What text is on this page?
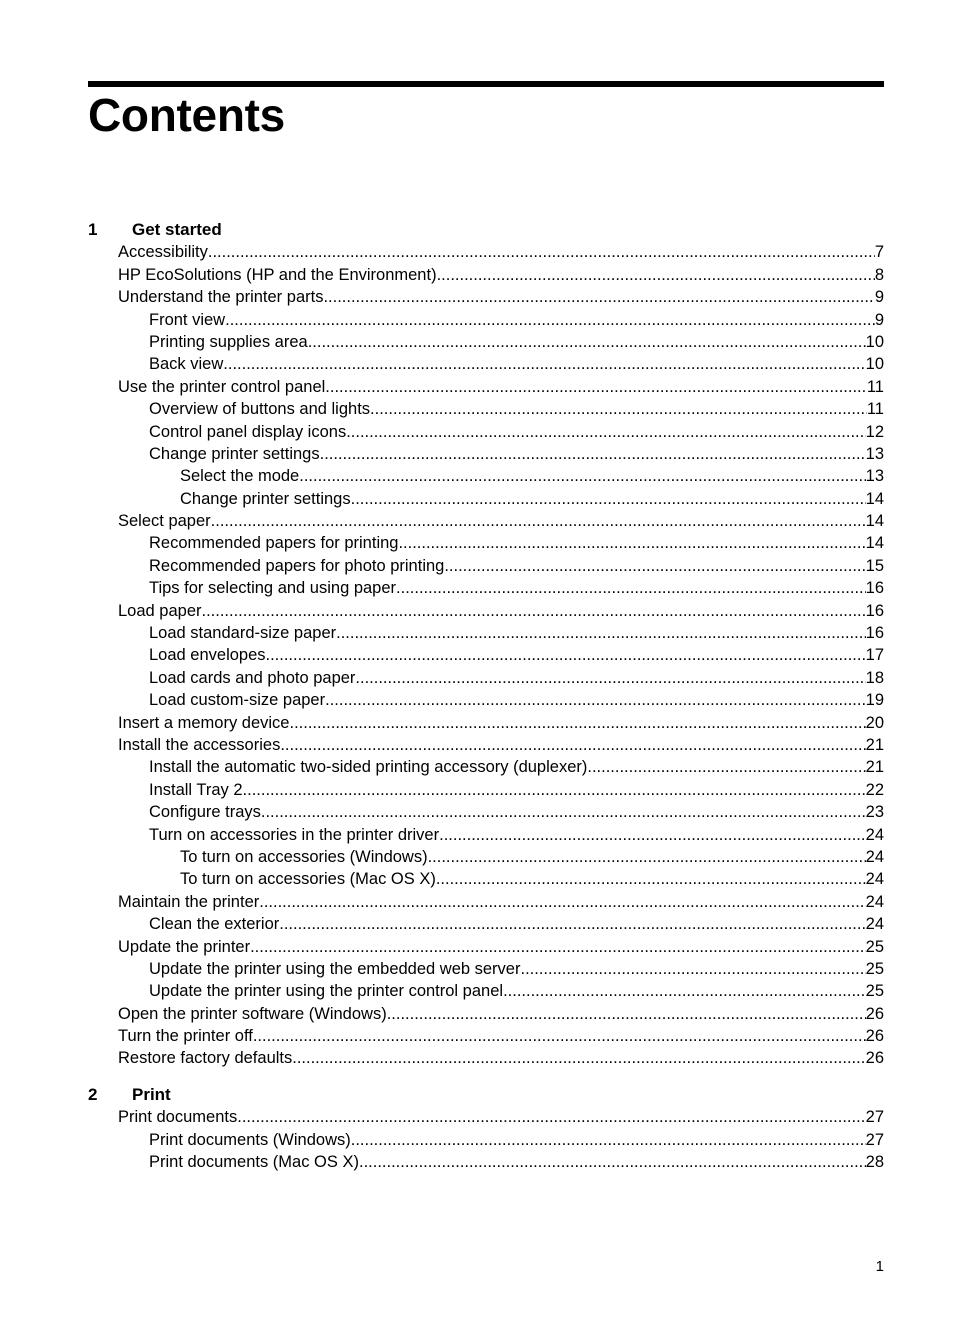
Contents
1	Get started
Accessibility .....	7
HP EcoSolutions (HP and the Environment) .....	8
Understand the printer parts .....	9
Front view .....	9
Printing supplies area .....	10
Back view .....	10
Use the printer control panel .....	11
Overview of buttons and lights .....	11
Control panel display icons .....	12
Change printer settings .....	13
Select the mode .....	13
Change printer settings .....	14
Select paper .....	14
Recommended papers for printing .....	14
Recommended papers for photo printing .....	15
Tips for selecting and using paper .....	16
Load paper .....	16
Load standard-size paper .....	16
Load envelopes .....	17
Load cards and photo paper .....	18
Load custom-size paper .....	19
Insert a memory device .....	20
Install the accessories .....	21
Install the automatic two-sided printing accessory (duplexer) .....	21
Install Tray 2 .....	22
Configure trays .....	23
Turn on accessories in the printer driver .....	24
To turn on accessories (Windows) .....	24
To turn on accessories (Mac OS X) .....	24
Maintain the printer .....	24
Clean the exterior .....	24
Update the printer .....	25
Update the printer using the embedded web server .....	25
Update the printer using the printer control panel .....	25
Open the printer software (Windows) .....	26
Turn the printer off .....	26
Restore factory defaults .....	26
2	Print
Print documents .....	27
Print documents (Windows) .....	27
Print documents (Mac OS X) .....	28
1
